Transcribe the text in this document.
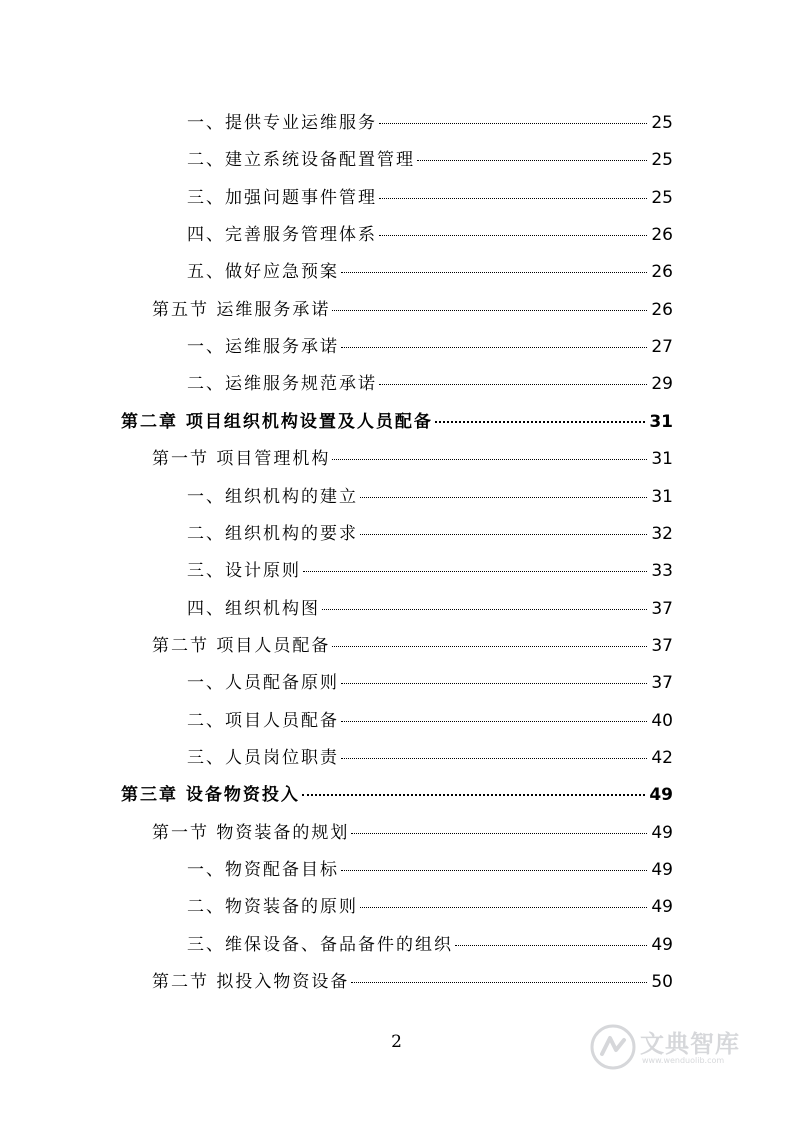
一、提供专业运维服务	25
二、建立系统设备配置管理	25
三、加强问题事件管理	25
四、完善服务管理体系	26
五、做好应急预案	26
第五节 运维服务承诺	26
一、运维服务承诺	27
二、运维服务规范承诺	29
第二章 项目组织机构设置及人员配备	31
第一节 项目管理机构	31
一、组织机构的建立	31
二、组织机构的要求	32
三、设计原则	33
四、组织机构图	37
第二节 项目人员配备	37
一、人员配备原则	37
二、项目人员配备	40
三、人员岗位职责	42
第三章 设备物资投入	49
第一节 物资装备的规划	49
一、物资配备目标	49
二、物资装备的原则	49
三、维保设备、备品备件的组织	49
第二节 拟投入物资设备	50
2	文典智库
www.wenduolib.com
